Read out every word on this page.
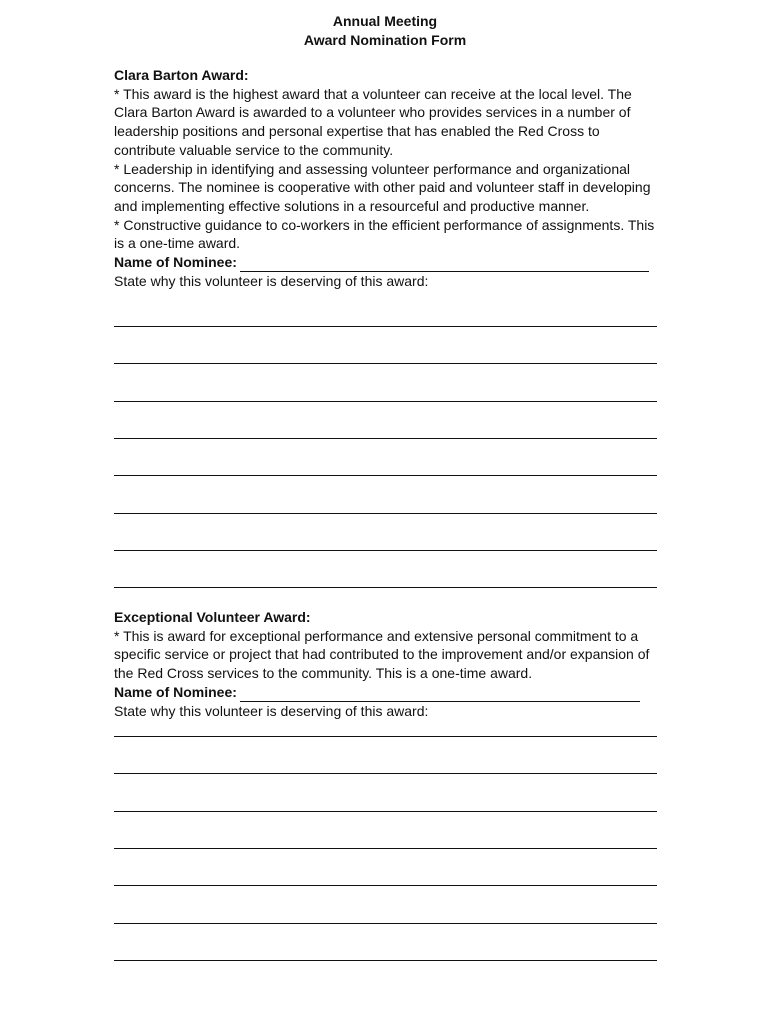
Annual Meeting
Award Nomination Form
Clara Barton Award:

* This award is the highest award that a volunteer can receive at the local level. The Clara Barton Award is awarded to a volunteer who provides services in a number of leadership positions and personal expertise that has enabled the Red Cross to contribute valuable service to the community.

* Leadership in identifying and assessing volunteer performance and organizational concerns. The nominee is cooperative with other paid and volunteer staff in developing and implementing effective solutions in a resourceful and productive manner.

* Constructive guidance to co-workers in the efficient performance of assignments. This is a one-time award.

Name of Nominee:
State why this volunteer is deserving of this award:
Exceptional Volunteer Award:

* This is award for exceptional performance and extensive personal commitment to a specific service or project that had contributed to the improvement and/or expansion of the Red Cross services to the community. This is a one-time award.

Name of Nominee:
State why this volunteer is deserving of this award:
